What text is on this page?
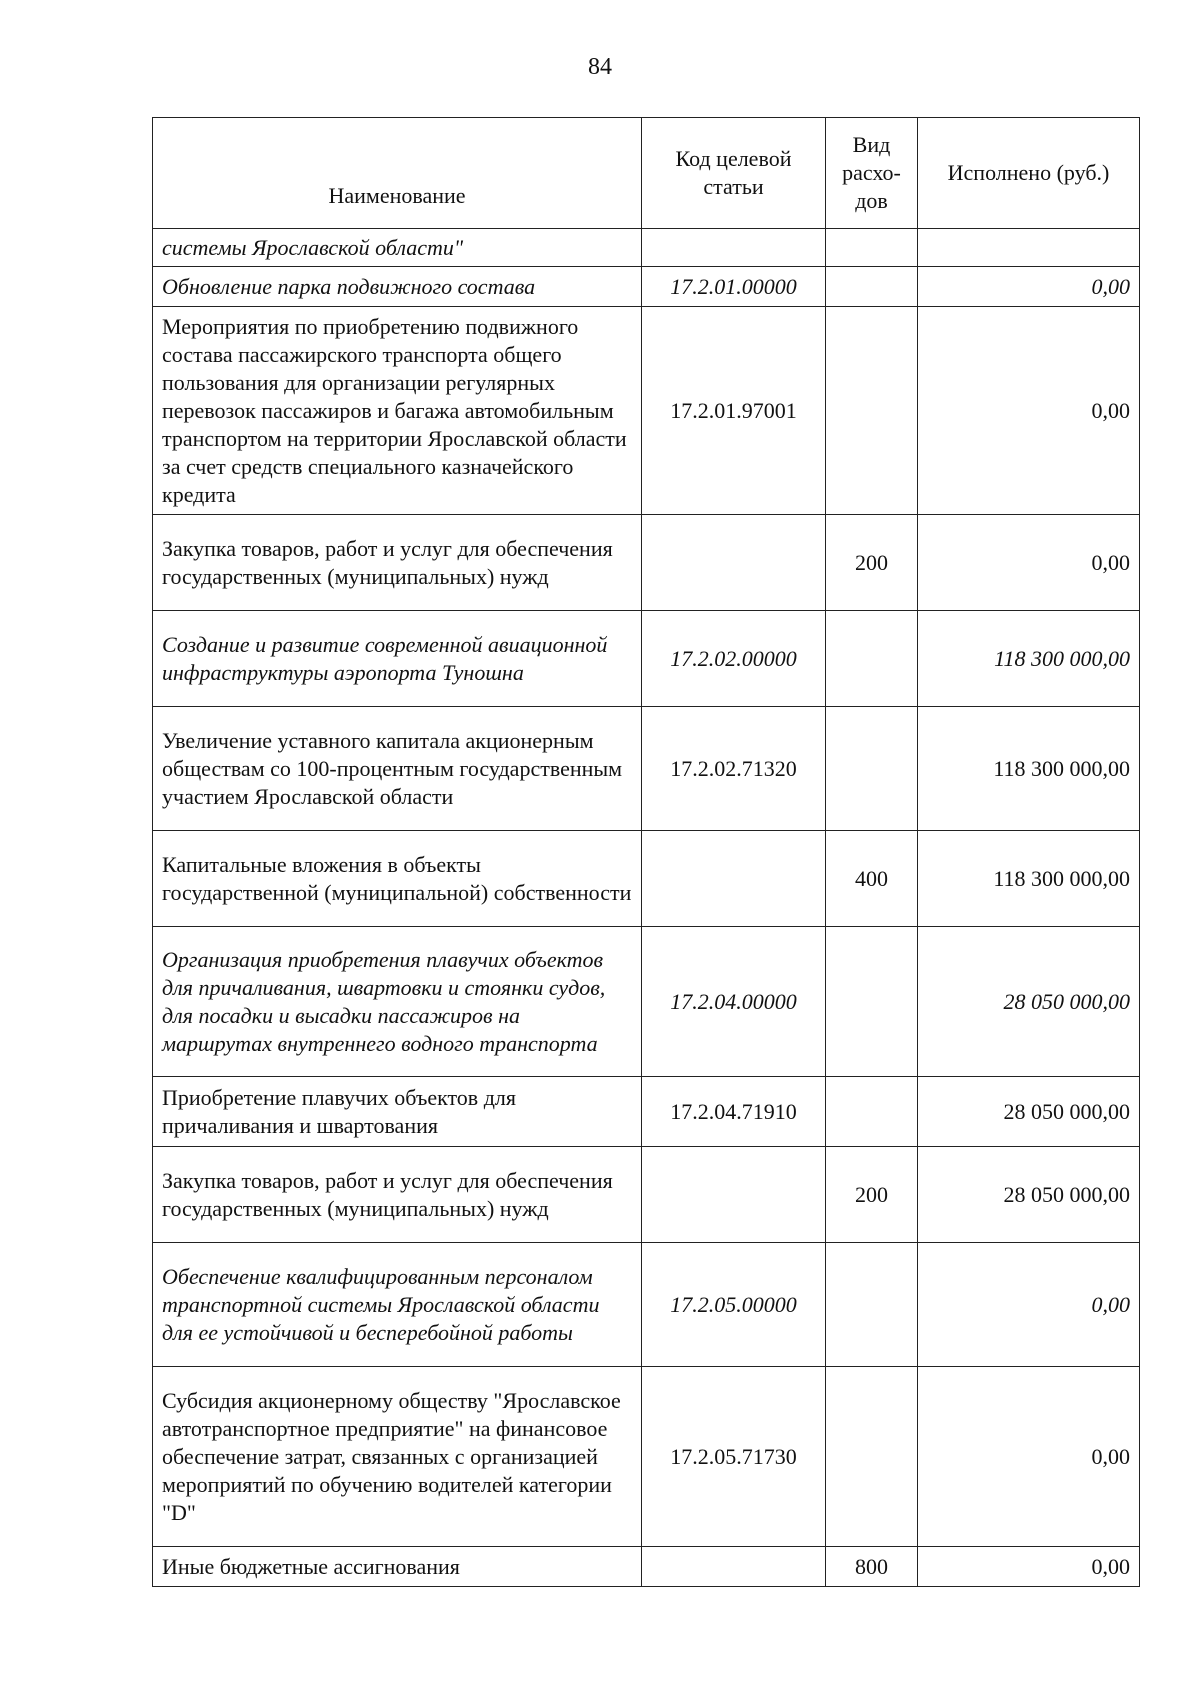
84
Наименование	Код целевой статьи	Вид расхо-дов	Исполнено (руб.)
системы Ярославской области"			
Обновление парка подвижного состава	17.2.01.00000		0,00
Мероприятия по приобретению подвижного состава пассажирского транспорта общего пользования для организации регулярных перевозок пассажиров и багажа автомобильным транспортом на территории Ярославской области за счет средств специального казначейского кредита	17.2.01.97001		0,00
Закупка товаров, работ и услуг для обеспечения государственных (муниципальных) нужд		200	0,00
Создание и развитие современной авиационной инфраструктуры аэропорта Туношна	17.2.02.00000		118 300 000,00
Увеличение уставного капитала акционерным обществам со 100-процентным государственным участием Ярославской области	17.2.02.71320		118 300 000,00
Капитальные вложения в объекты государственной (муниципальной) собственности		400	118 300 000,00
Организация приобретения плавучих объектов для причаливания, швартовки и стоянки судов, для посадки и высадки пассажиров на маршрутах внутреннего водного транспорта	17.2.04.00000		28 050 000,00
Приобретение плавучих объектов для причаливания и швартования	17.2.04.71910		28 050 000,00
Закупка товаров, работ и услуг для обеспечения государственных (муниципальных) нужд		200	28 050 000,00
Обеспечение квалифицированным персоналом транспортной системы Ярославской области для ее устойчивой и бесперебойной работы	17.2.05.00000		0,00
Субсидия акционерному обществу "Ярославское автотранспортное предприятие" на финансовое обеспечение затрат, связанных с организацией мероприятий по обучению водителей категории "D"	17.2.05.71730		0,00
Иные бюджетные ассигнования		800	0,00
